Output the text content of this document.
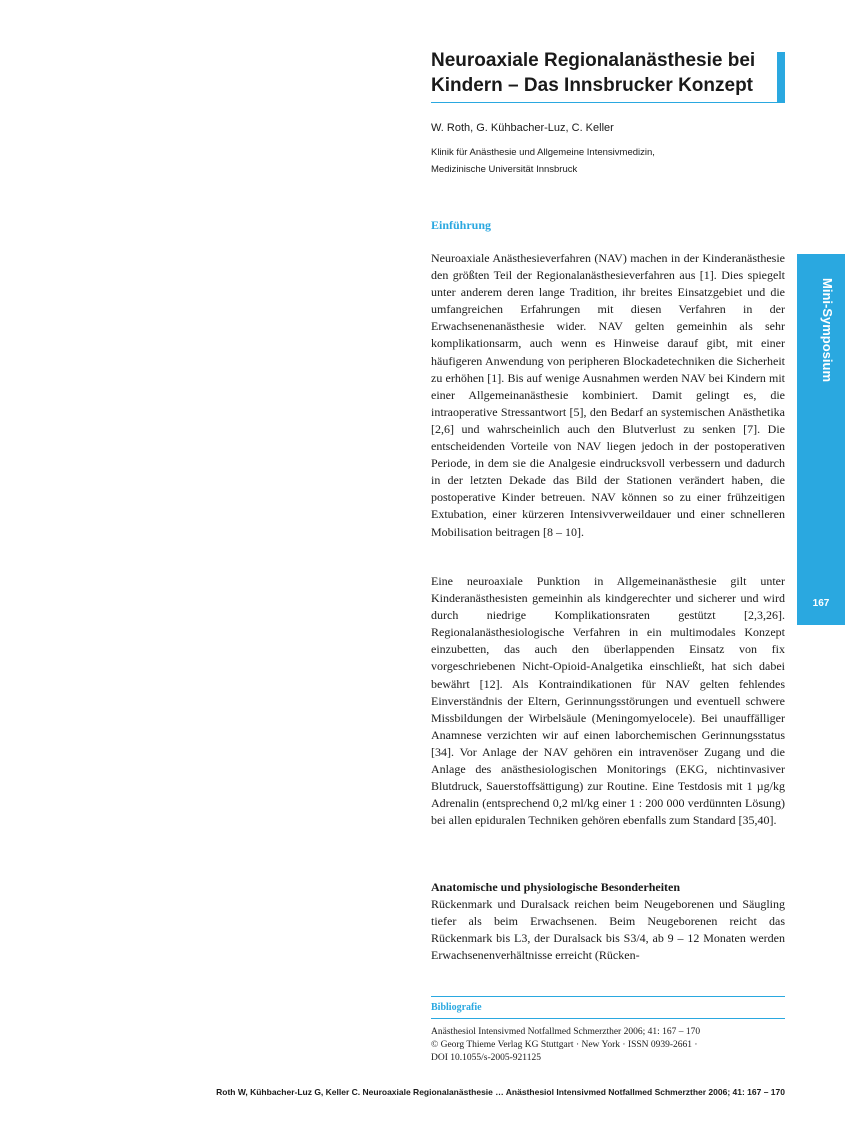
Neuroaxiale Regionalanästhesie bei
Kindern – Das Innsbrucker Konzept
W. Roth, G. Kühbacher-Luz, C. Keller
Klinik für Anästhesie und Allgemeine Intensivmedizin,
Medizinische Universität Innsbruck
Einführung

Neuroaxiale Anästhesieverfahren (NAV) machen in der Kinderanästhesie den größten Teil der Regionalanästhesieverfahren aus [1]. Dies spiegelt unter anderem deren lange Tradition, ihr breites Einsatzgebiet und die umfangreichen Erfahrungen mit diesen Verfahren in der Erwachsenenanästhesie wider. NAV gelten gemeinhin als sehr komplikationsarm, auch wenn es Hinweise darauf gibt, mit einer häufigeren Anwendung von peripheren Blockadetechniken die Sicherheit zu erhöhen [1]. Bis auf wenige Ausnahmen werden NAV bei Kindern mit einer Allgemeinanästhesie kombiniert. Damit gelingt es, die intraoperative Stressantwort [5], den Bedarf an systemischen Anästhetika [2,6] und wahrscheinlich auch den Blutverlust zu senken [7]. Die entscheidenden Vorteile von NAV liegen jedoch in der postoperativen Periode, in dem sie die Analgesie eindrucksvoll verbessern und dadurch in der letzten Dekade das Bild der Stationen verändert haben, die postoperative Kinder betreuen. NAV können so zu einer frühzeitigen Extubation, einer kürzeren Intensivverweildauer und einer schnelleren Mobilisation beitragen [8 – 10].

Eine neuroaxiale Punktion in Allgemeinanästhesie gilt unter Kinderanästhesisten gemeinhin als kindgerechter und sicherer und wird durch niedrige Komplikationsraten gestützt [2,3,26]. Regionalanästhesiologische Verfahren in ein multimodales Konzept einzubetten, das auch den überlappenden Einsatz von fix vorgeschriebenen Nicht-Opioid-Analgetika einschließt, hat sich dabei bewährt [12]. Als Kontraindikationen für NAV gelten fehlendes Einverständnis der Eltern, Gerinnungsstörungen und eventuell schwere Missbildungen der Wirbelsäule (Meningomyelocele). Bei unauffälliger Anamnese verzichten wir auf einen laborchemischen Gerinnungsstatus [34]. Vor Anlage der NAV gehören ein intravenöser Zugang und die Anlage des anästhesiologischen Monitorings (EKG, nichtinvasiver Blutdruck, Sauerstoffsättigung) zur Routine. Eine Testdosis mit 1 µg/kg Adrenalin (entsprechend 0,2 ml/kg einer 1 : 200 000 verdünnten Lösung) bei allen epiduralen Techniken gehören ebenfalls zum Standard [35,40].

Anatomische und physiologische Besonderheiten

Rückenmark und Duralsack reichen beim Neugeborenen und Säugling tiefer als beim Erwachsenen. Beim Neugeborenen reicht das Rückenmark bis L3, der Duralsack bis S3/4, ab 9 – 12 Monaten werden Erwachsenenverhältnisse erreicht (Rücken-

Mini-Symposium
167
Bibliografie
Anästhesiol Intensivmed Notfallmed Schmerzther 2006; 41: 167 – 170
© Georg Thieme Verlag KG Stuttgart · New York · ISSN 0939-2661 ·
DOI 10.1055/s-2005-921125
Roth W, Kühbacher-Luz G, Keller C. Neuroaxiale Regionalanästhesie … Anästhesiol Intensivmed Notfallmed Schmerzther 2006; 41: 167 – 170
